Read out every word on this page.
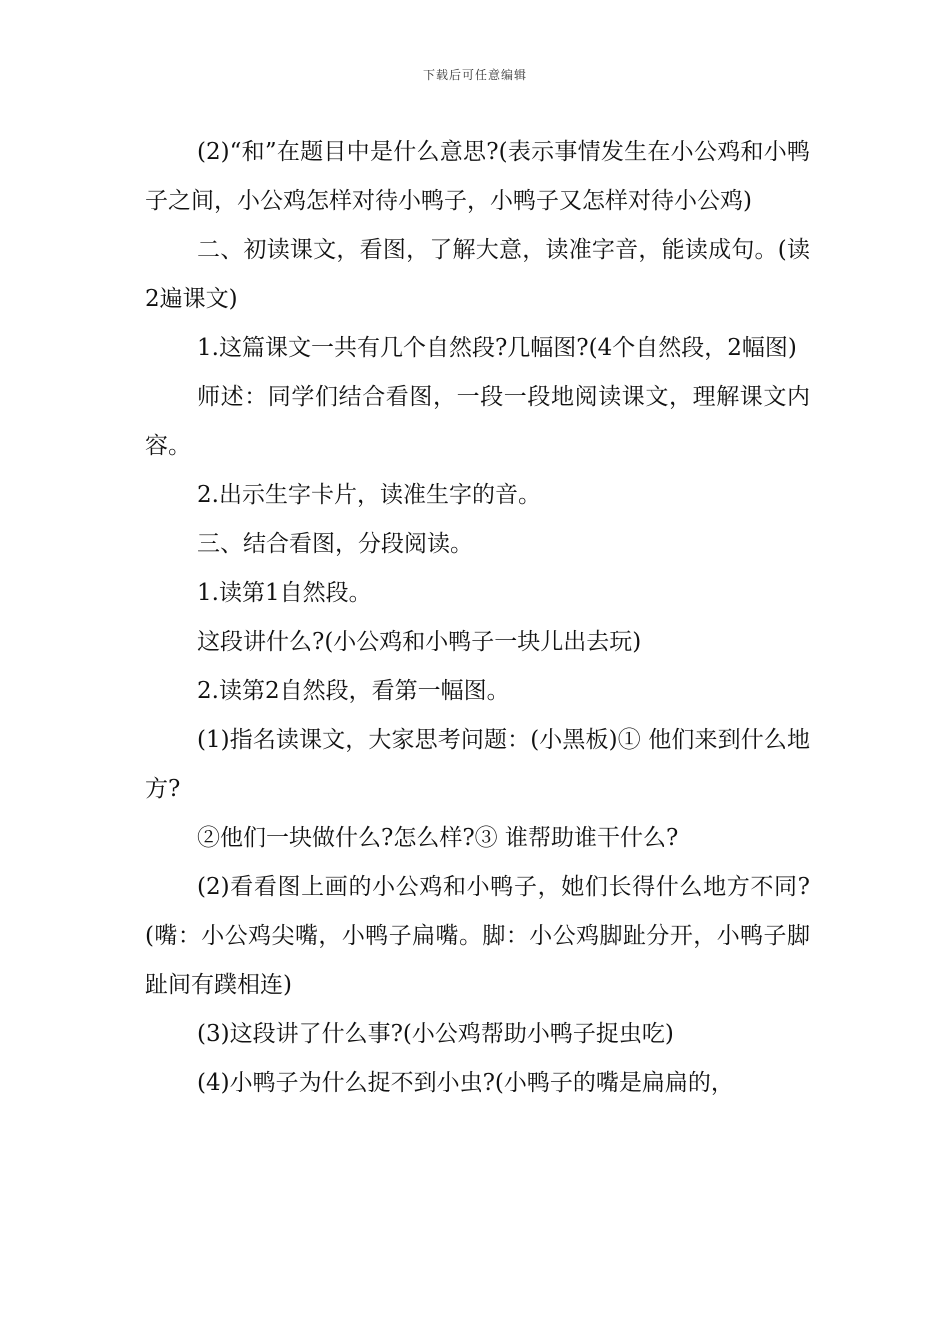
下载后可任意编辑

(2)“和”在题目中是什么意思?(表示事情发生在小公鸡和小鸭子之间，小公鸡怎样对待小鸭子，小鸭子又怎样对待小公鸡)

二、初读课文，看图，了解大意，读准字音，能读成句。(读2遍课文)

1.这篇课文一共有几个自然段?几幅图?(4个自然段，2幅图)

师述：同学们结合看图，一段一段地阅读课文，理解课文内容。

2.出示生字卡片，读准生字的音。

三、结合看图，分段阅读。

1.读第1自然段。

这段讲什么?(小公鸡和小鸭子一块儿出去玩)

2.读第2自然段，看第一幅图。

(1)指名读课文，大家思考问题：(小黑板)① 他们来到什么地方?

②他们一块做什么?怎么样?③ 谁帮助谁干什么?

(2)看看图上画的小公鸡和小鸭子，她们长得什么地方不同?(嘴：小公鸡尖嘴，小鸭子扁嘴。脚：小公鸡脚趾分开，小鸭子脚趾间有蹼相连)

(3)这段讲了什么事?(小公鸡帮助小鸭子捉虫吃)

(4)小鸭子为什么捉不到小虫?(小鸭子的嘴是扁扁的，
